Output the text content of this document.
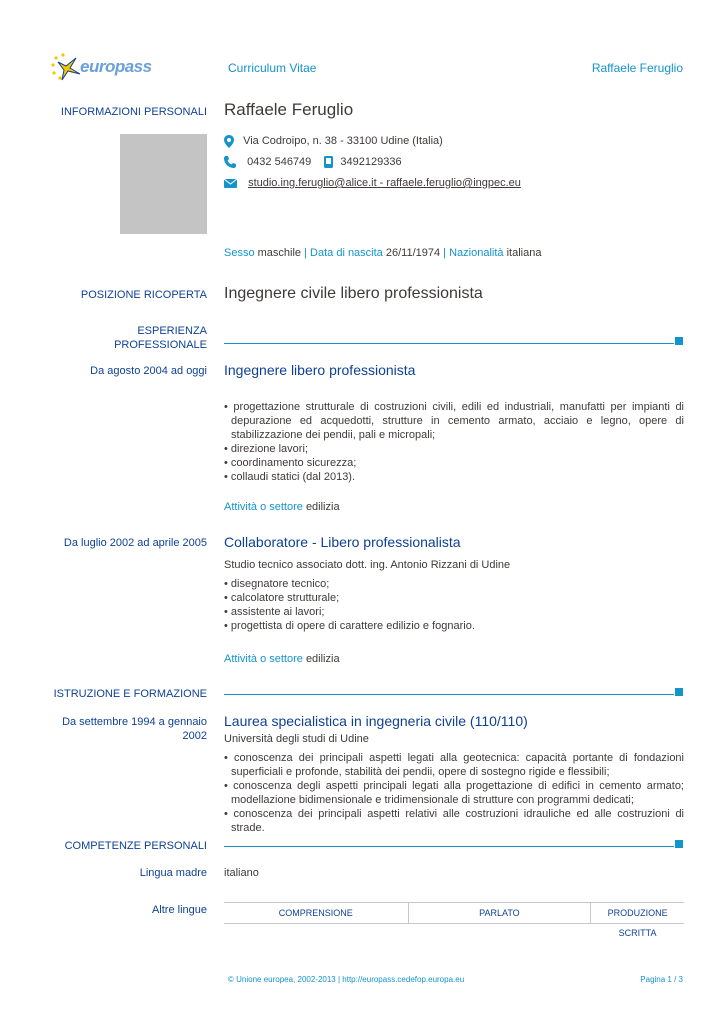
europass	Curriculum Vitae	Raffaele Feruglio
INFORMAZIONI PERSONALI Raffaele Feruglio
Via Codroipo, n. 38 - 33100 Udine (Italia)
0432 546749	3492129336
studio.ing.feruglio@alice.it - raffaele.feruglio@ingpec.eu
Sesso maschile | Data di nascita 26/11/1974 | Nazionalità italiana
POSIZIONE RICOPERTA Ingegnere civile libero professionista
ESPERIENZA PROFESSIONALE
Da agosto 2004 ad oggi Ingegnere libero professionista
• progettazione strutturale di costruzioni civili, edili ed industriali, manufatti per impianti di depurazione ed acquedotti, strutture in cemento armato, acciaio e legno, opere di stabilizzazione dei pendii, pali e micropali;
• direzione lavori;
• coordinamento sicurezza;
• collaudi statici (dal 2013).
Attività o settore edilizia
Da luglio 2002 ad aprile 2005 Collaboratore - Libero professionalista
Studio tecnico associato dott. ing. Antonio Rizzani di Udine
• disegnatore tecnico;
• calcolatore strutturale;
• assistente ai lavori;
• progettista di opere di carattere edilizio e fognario.
Attività o settore edilizia
ISTRUZIONE E FORMAZIONE
Da settembre 1994 a gennaio 2002
Laurea specialistica in ingegneria civile (110/110)
Università degli studi di Udine
• conoscenza dei principali aspetti legati alla geotecnica: capacità portante di fondazioni superficiali e profonde, stabilità dei pendii, opere di sostegno rigide e flessibili;
• conoscenza degli aspetti principali legati alla progettazione di edifici in cemento armato; modellazione bidimensionale e tridimensionale di strutture con programmi dedicati;
• conoscenza dei principali aspetti relativi alle costruzioni idrauliche ed alle costruzioni di strade.
COMPETENZE PERSONALI
Lingua madre italiano
Altre lingue	COMPRENSIONE	PARLATO	PRODUZIONE SCRITTA
© Unione europea, 2002-2013 | http://europass.cedefop.europa.eu	Pagina 1 / 3
